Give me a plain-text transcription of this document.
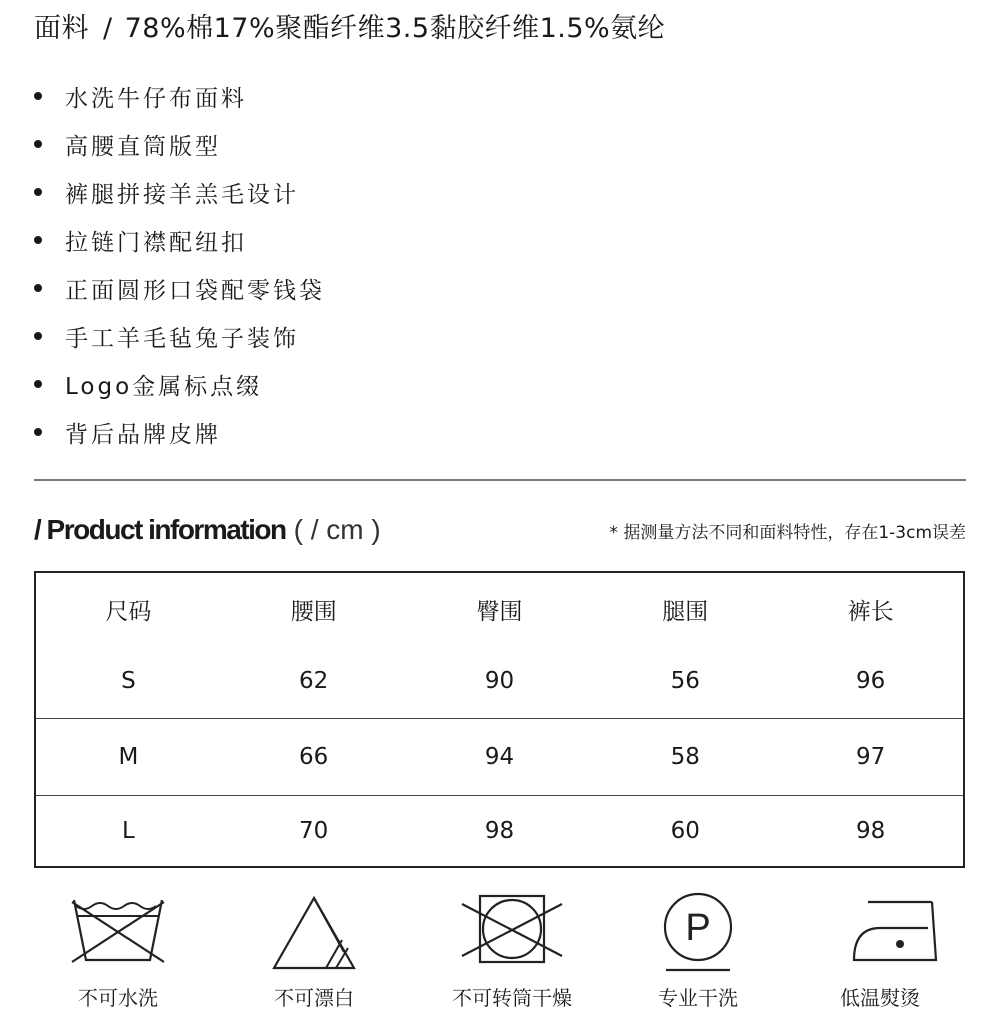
面料 / 78%棉17%聚酯纤维3.5黏胶纤维1.5%氨纶
水洗牛仔布面料
高腰直筒版型
裤腿拼接羊羔毛设计
拉链门襟配纽扣
正面圆形口袋配零钱袋
手工羊毛毡兔子装饰
Logo金属标点缀
背后品牌皮牌
/ Product information ( / cm )	* 据测量方法不同和面料特性，存在1-3cm误差
尺码	腰围	臀围	腿围	裤长
S	62	90	56	96
M	66	94	58	97
L	70	98	60	98
不可水洗	不可漂白	不可转筒干燥
P
专业干洗	低温熨烫
